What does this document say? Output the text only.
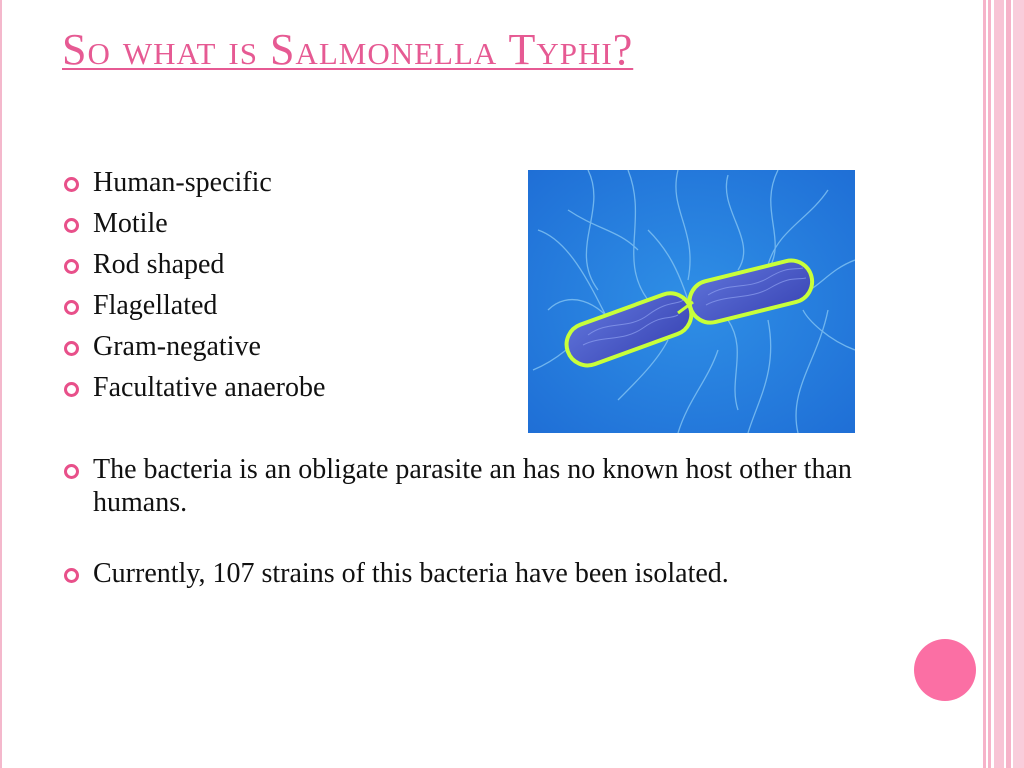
So what is Salmonella Typhi?
Human-specific
Motile
Rod shaped
Flagellated
Gram-negative
Facultative anaerobe
The bacteria is an obligate parasite an has no known host other than humans.
Currently, 107 strains of this bacteria have been isolated.
